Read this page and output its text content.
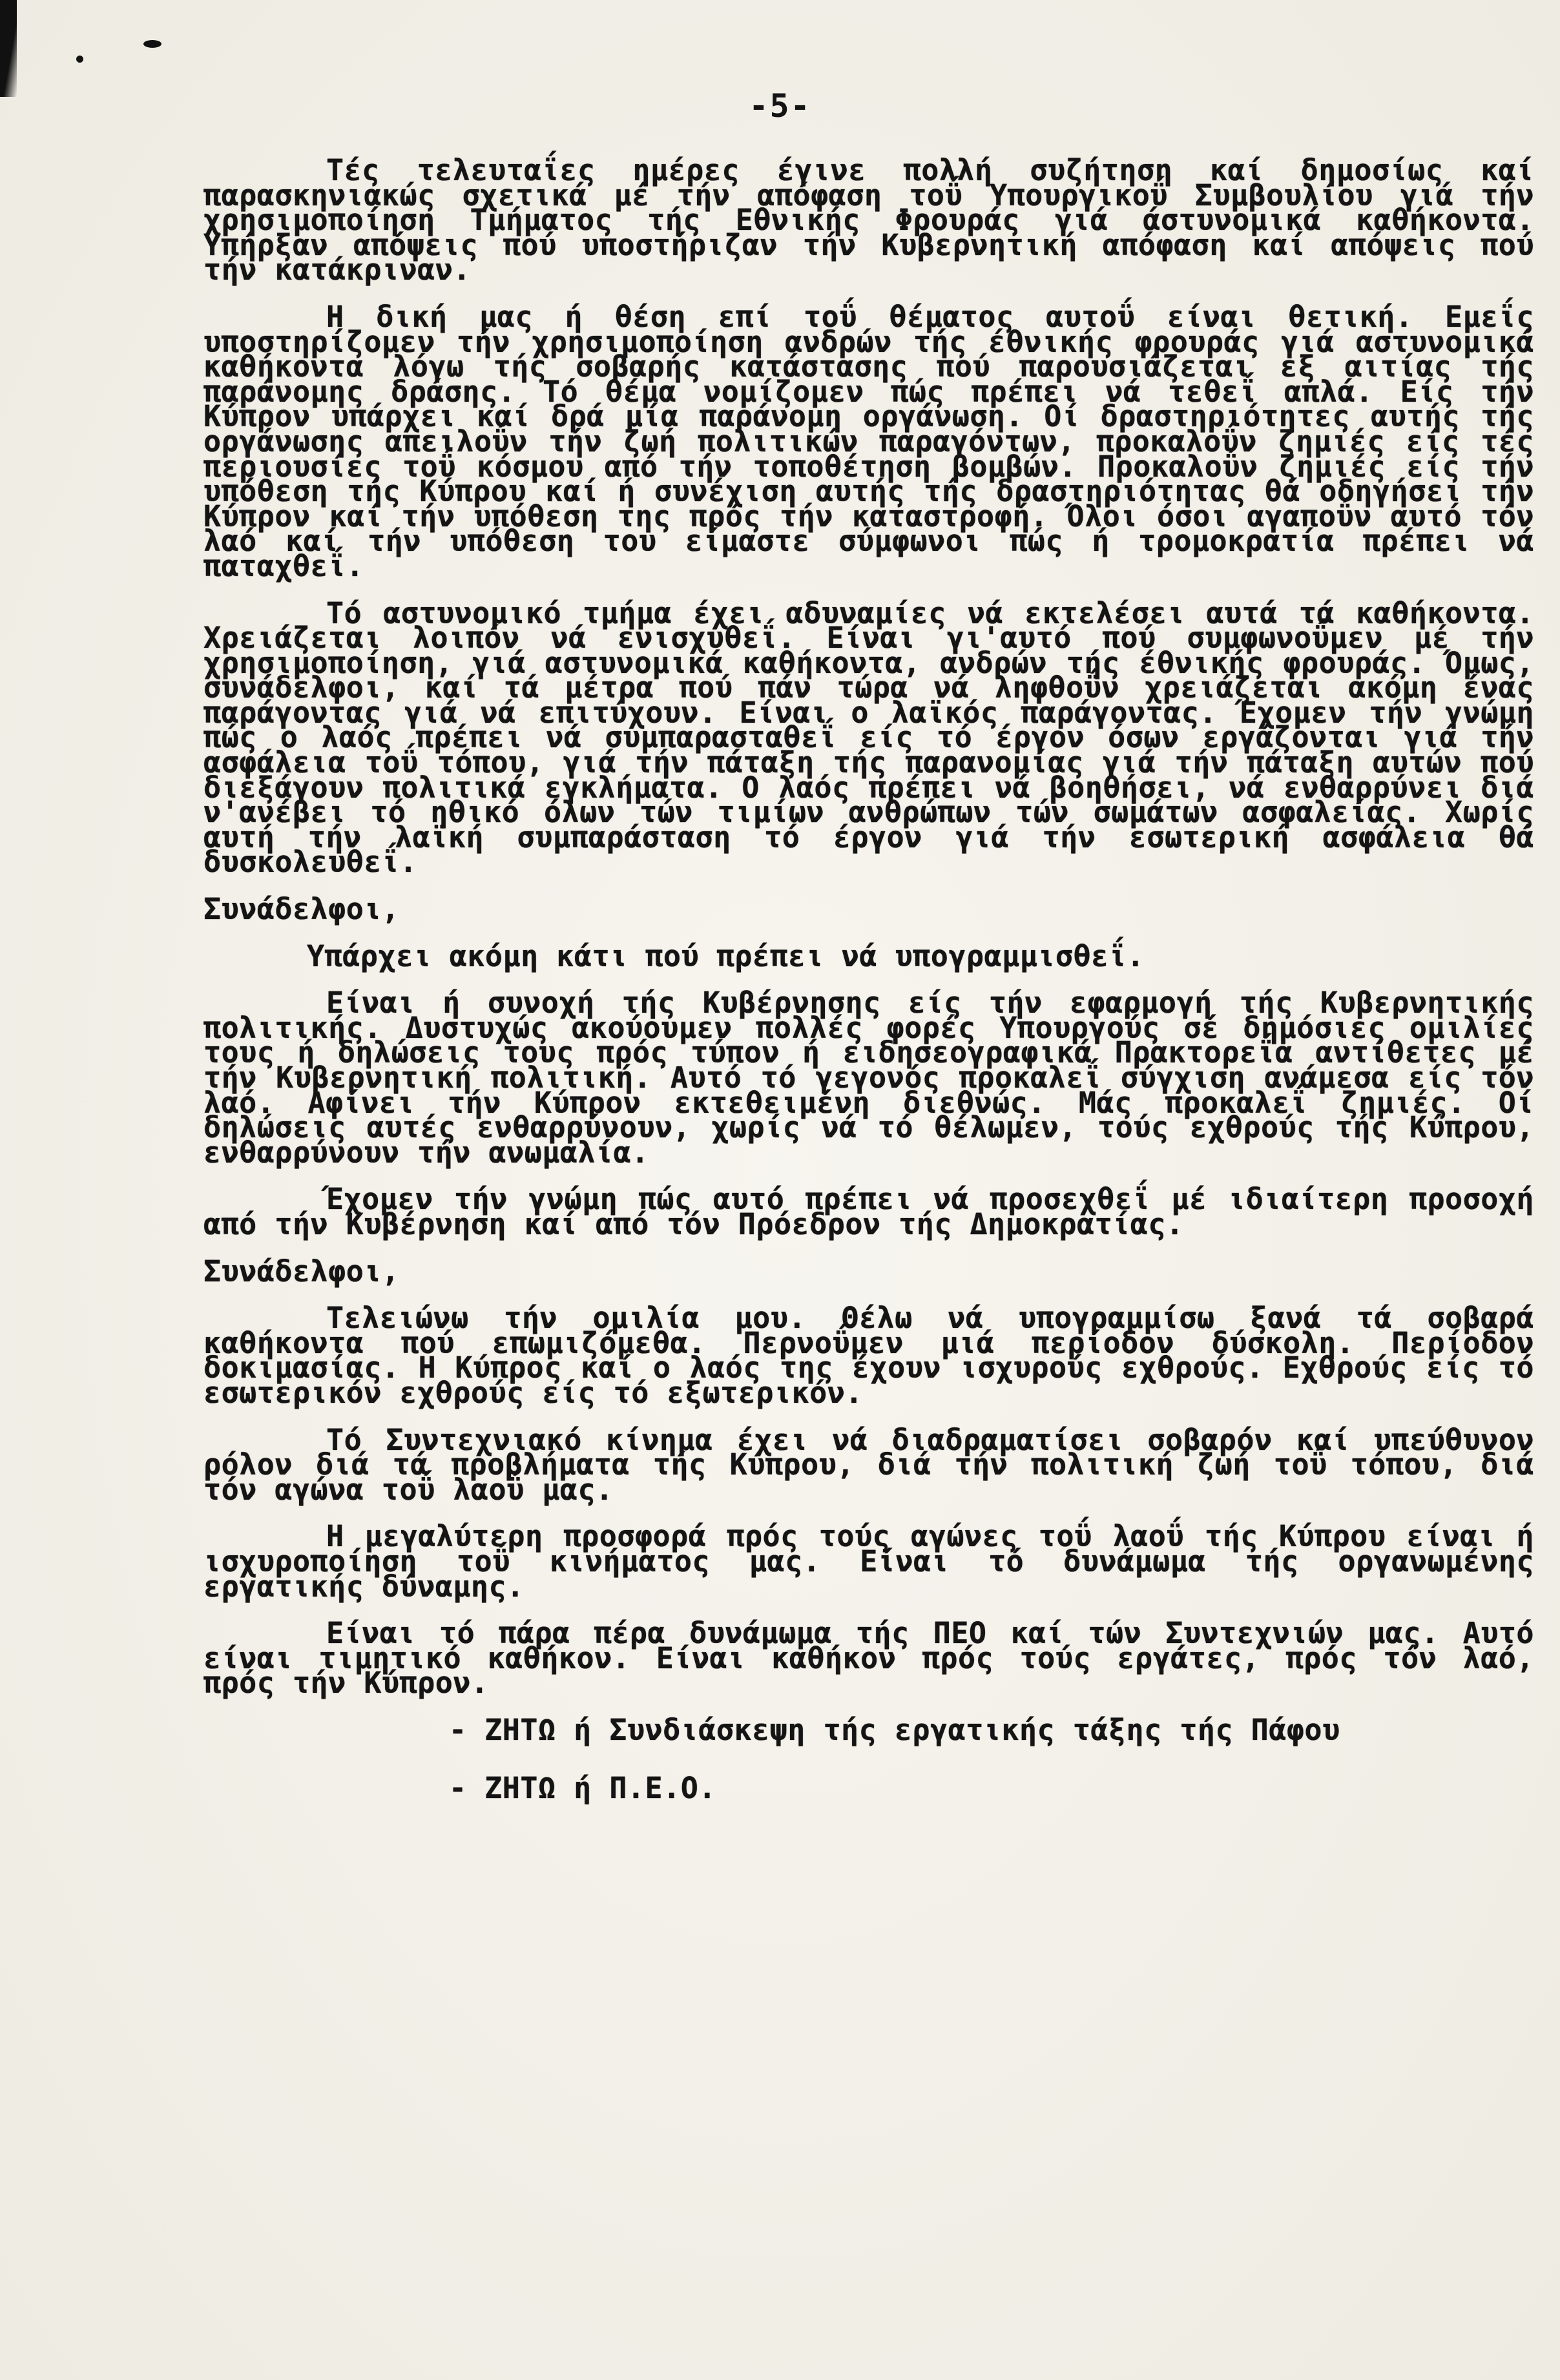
-5-

Τές τελευταΐες ημέρες έγινε πολλή συζήτηση καί δημοσίως καί παρασκηνιακώς σχετικά μέ τήν απόφαση τοΰ Υπουργικοΰ Συμβουλίου γιά τήν χρησιμοποίηση Τμήματος τής Εθνικής Φρουράς γιά άστυνομικά καθήκοντα. Υπήρξαν απόψεις πού υποστήριζαν τήν Κυβερνητική απόφαση καί απόψεις πού τήν κατάκριναν.

Η δική μας ή θέση επί τοΰ θέματος αυτοΰ είναι θετική. Εμεΐς υποστηρίζομεν τήν χρησιμοποίηση ανδρών τής έθνικής φρουράς γιά αστυνομικά καθήκοντα λόγω τής σοβαρής κατάστασης πού παρουσιάζεται εξ αιτίας τής παράνομης δράσης. Τό θέμα νομίζομεν πώς πρέπει νά τεθεΐ απλά. Είς τήν Κύπρον υπάρχει καί δρά μία παράνομη οργάνωση. Οί δραστηριότητες αυτής τής οργάνωσης απειλοΰν τήν ζωή πολιτικών παραγόντων, προκαλοΰν ζημιές είς τές περιουσίες τοΰ κόσμου από τήν τοποθέτηση βομβών. Προκαλοΰν ζημιές είς τήν υπόθεση τής Κύπρου καί ή συνέχιση αυτής τής δραστηριότητας θά οδηγήσει τήν Κύπρον καί τήν υπόθεση της πρός τήν καταστροφή. Όλοι όσοι αγαποΰν αυτό τόν λαό καί τήν υπόθεση του είμαστε σύμφωνοι πώς ή τρομοκρατία πρέπει νά παταχθεΐ.

Τό αστυνομικό τμήμα έχει αδυναμίες νά εκτελέσει αυτά τά καθήκοντα. Χρειάζεται λοιπόν νά ενισχυθεΐ. Είναι γι'αυτό πού συμφωνοΰμεν μέ τήν χρησιμοποίηση, γιά αστυνομικά καθήκοντα, ανδρών τής έθνικής φρουράς. Όμως, συνάδελφοι, καί τά μέτρα πού πάν τώρα νά ληφθοΰν χρειάζεται ακόμη ένας παράγοντας γιά νά επιτύχουν. Είναι ο λαϊκός παράγοντας. Έχομεν τήν γνώμη πώς ο λαός πρέπει νά συμπαρασταθεΐ είς τό έργον όσων εργάζονται γιά τήν ασφάλεια τοΰ τόπου, γιά τήν πάταξη τής παρανομίας γιά τήν πάταξη αυτών πού διεξάγουν πολιτικά εγκλήματα. Ο λαός πρέπει νά βοηθήσει, νά ενθαρρύνει διά ν'ανέβει τό ηθικό όλων τών τιμίων ανθρώπων τών σωμάτων ασφαλείας. Χωρίς αυτή τήν λαϊκή συμπαράσταση τό έργον γιά τήν εσωτερική ασφάλεια θά δυσκολευθεΐ.

Συνάδελφοι,

Υπάρχει ακόμη κάτι πού πρέπει νά υπογραμμισθεΐ.

Είναι ή συνοχή τής Κυβέρνησης είς τήν εφαρμογή τής Κυβερνητικής πολιτικής. Δυστυχώς ακούουμεν πολλές φορές Υπουργούς σέ δημόσιες ομιλίες τους ή δηλώσεις τους πρός τύπον ή ειδησεογραφικά Πρακτορεΐα αντίθετες μέ τήν Κυβερνητική πολιτική. Αυτό τό γεγονός προκαλεΐ σύγχιση ανάμεσα είς τόν λαό. Αφίνει τήν Κύπρον εκτεθειμένη διεθνώς. Μάς προκαλεΐ ζημιές. Οί δηλώσεις αυτές ενθαρρύνουν, χωρίς νά τό θέλωμεν, τούς εχθρούς τής Κύπρου, ενθαρρύνουν τήν ανωμαλία.

Έχομεν τήν γνώμη πώς αυτό πρέπει νά προσεχθεΐ μέ ιδιαίτερη προσοχή από τήν Κυβέρνηση καί από τόν Πρόεδρον τής Δημοκρατίας.

Συνάδελφοι,

Τελειώνω τήν ομιλία μου. Θέλω νά υπογραμμίσω ξανά τά σοβαρά καθήκοντα πού επωμιζόμεθα. Περνοΰμεν μιά περίοδον δύσκολη. Περίοδον δοκιμασίας. Η Κύπρος καί ο λαός της έχουν ισχυρούς εχθρούς. Εχθρούς είς τό εσωτερικόν εχθρούς είς τό εξωτερικόν.

Τό Συντεχνιακό κίνημα έχει νά διαδραματίσει σοβαρόν καί υπεύθυνον ρόλον διά τά προβλήματα τής Κύπρου, διά τήν πολιτική ζωή τοΰ τόπου, διά τόν αγώνα τοΰ λαοΰ μας.

Η μεγαλύτερη προσφορά πρός τούς αγώνες τοΰ λαοΰ τής Κύπρου είναι ή ισχυροποίηση τοΰ κινήματος μας. Είναι τό δυνάμωμα τής οργανωμένης εργατικής δύναμης.

Είναι τό πάρα πέρα δυνάμωμα τής ΠΕΟ καί τών Συντεχνιών μας. Αυτό είναι τιμητικό καθήκον. Είναι καθήκον πρός τούς εργάτες, πρός τόν λαό, πρός τήν Κύπρον.

- ΖΗΤΩ ή Συνδιάσκεψη τής εργατικής τάξης τής Πάφου

- ΖΗΤΩ ή Π.Ε.Ο.
